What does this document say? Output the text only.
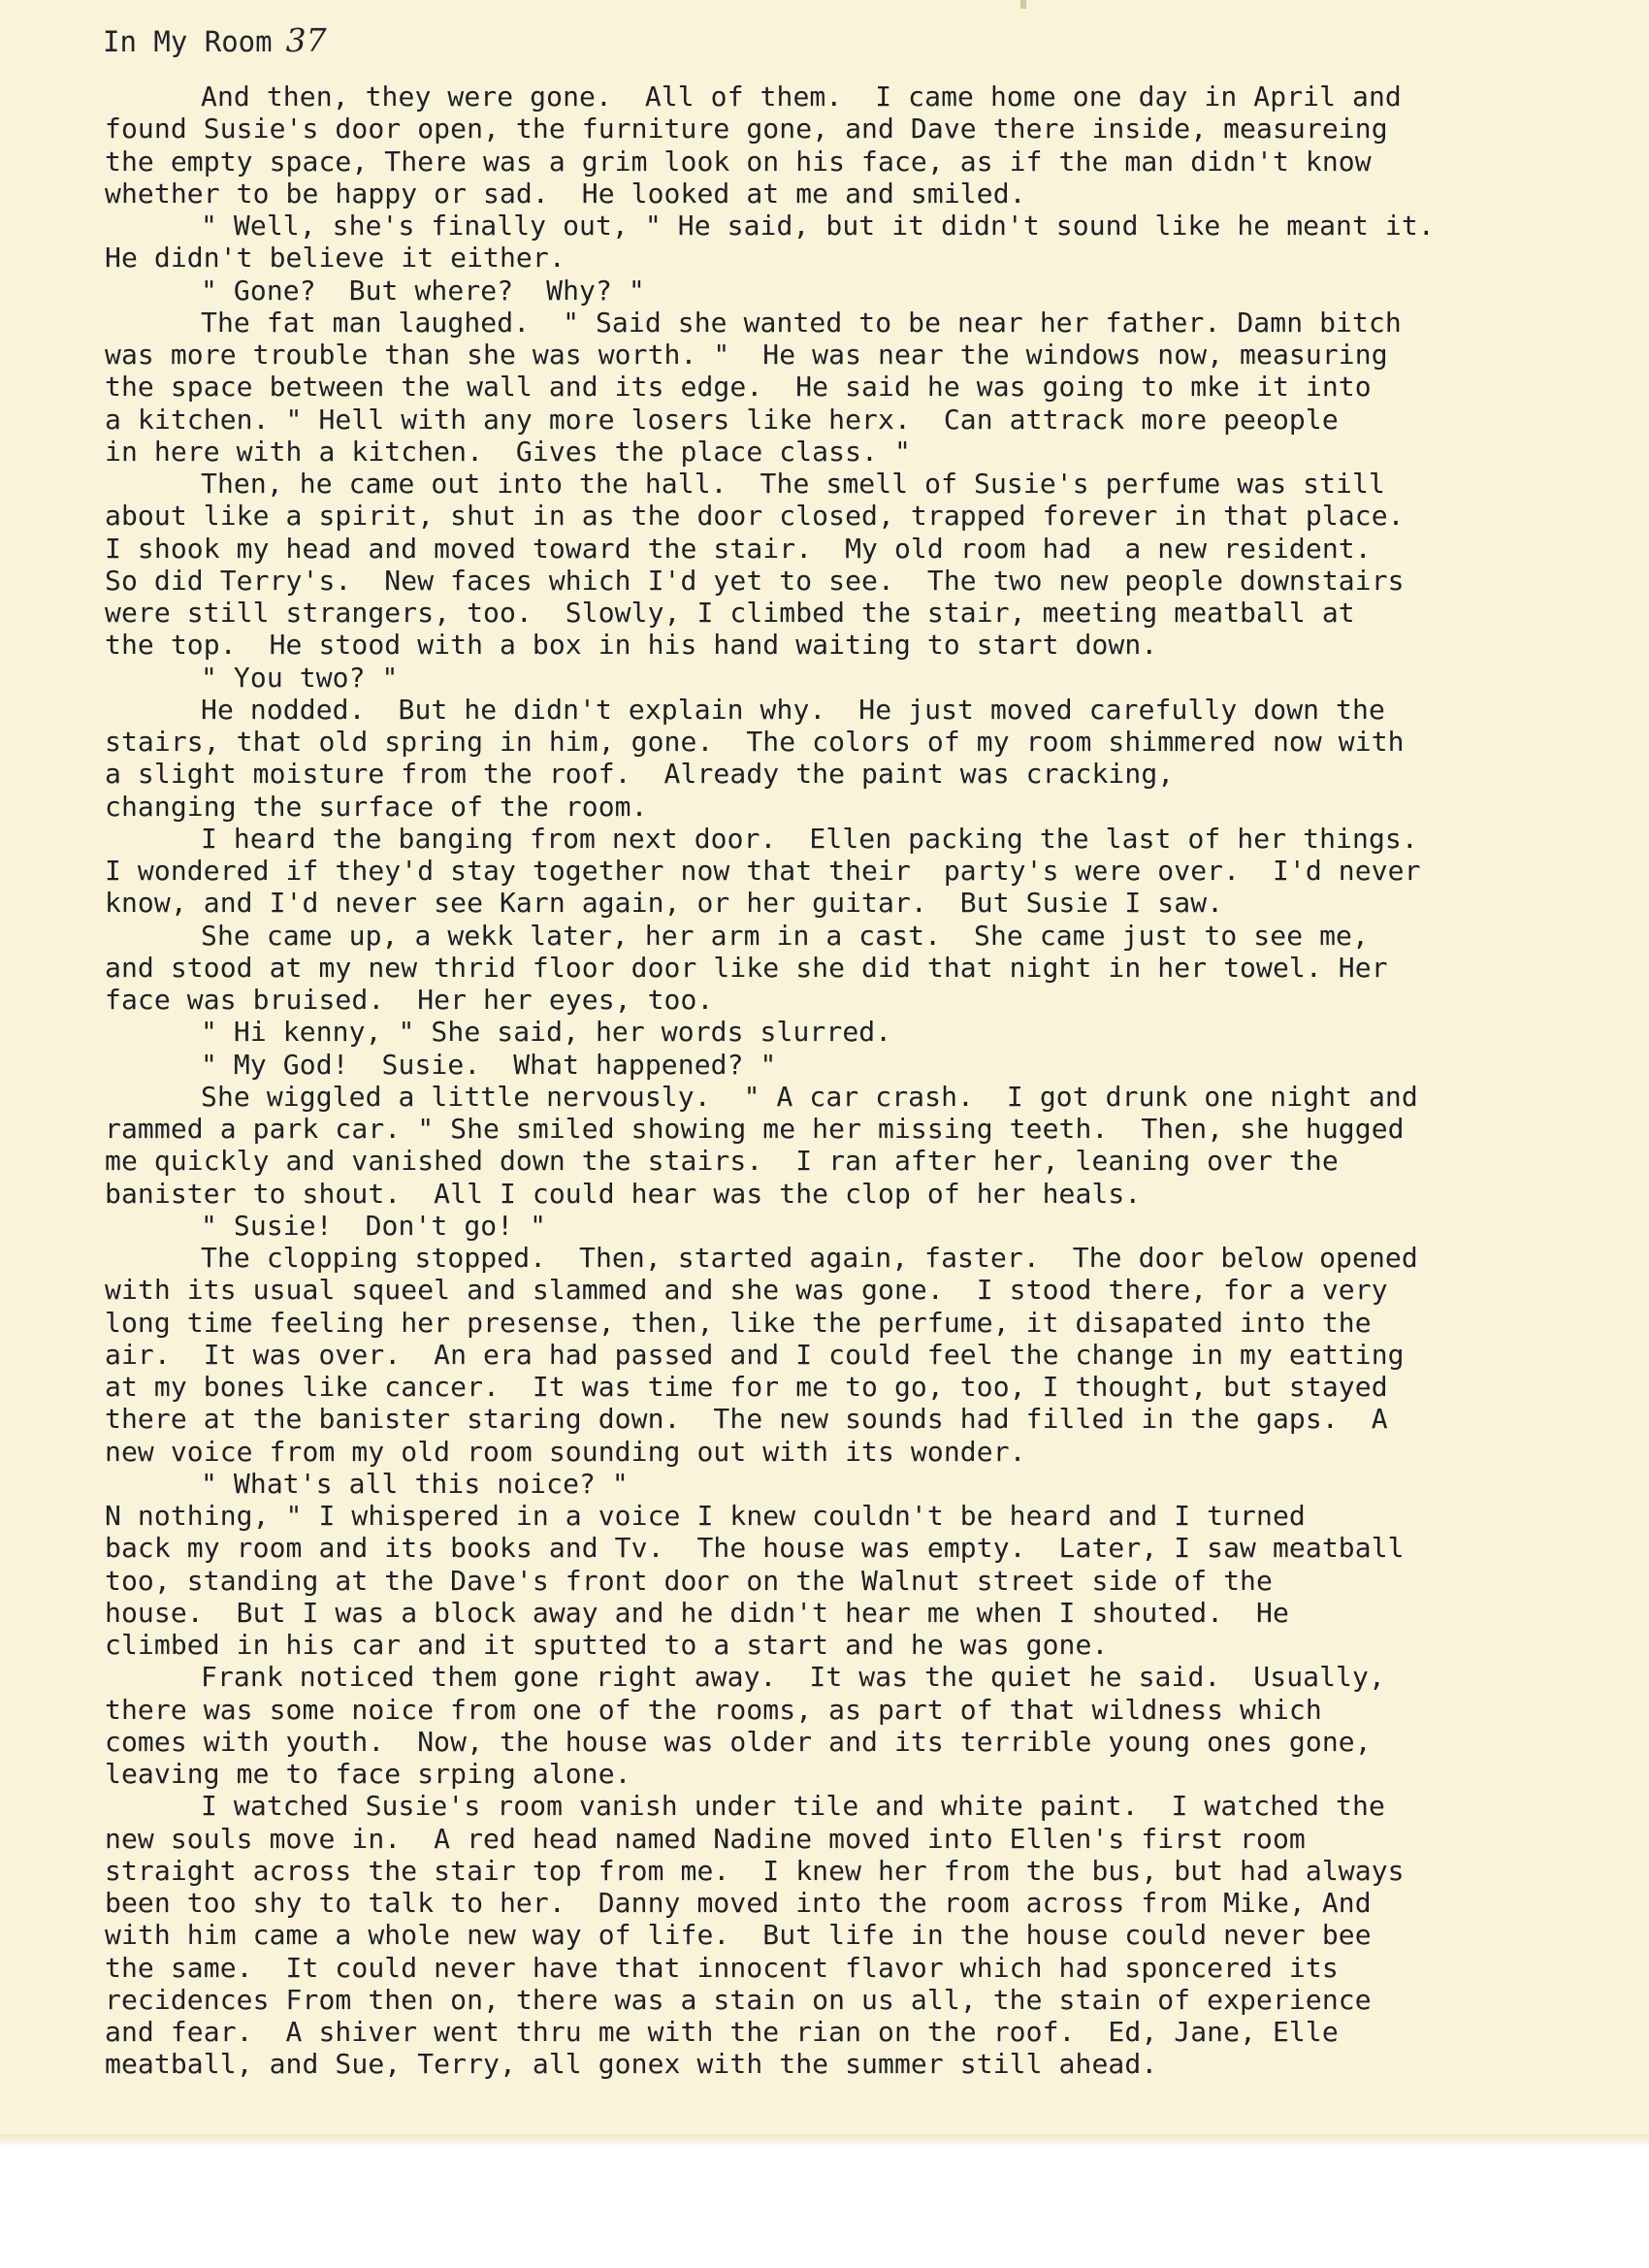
In My Room 37
And then, they were gone.  All of them.  I came home one day in April and
found Susie's door open, the furniture gone, and Dave there inside, measureing
the empty space, There was a grim look on his face, as if the man didn't know
whether to be happy or sad.  He looked at me and smiled.
" Well, she's finally out, " He said, but it didn't sound like he meant it.
He didn't believe it either.
" Gone?  But where?  Why? "
The fat man laughed.  " Said she wanted to be near her father. Damn bitch
was more trouble than she was worth. "  He was near the windows now, measuring
the space between the wall and its edge.  He said he was going to mke it into
a kitchen. " Hell with any more losers like herx.  Can attrack more peeople
in here with a kitchen.  Gives the place class. "
Then, he came out into the hall.  The smell of Susie's perfume was still
about like a spirit, shut in as the door closed, trapped forever in that place.
I shook my head and moved toward the stair.  My old room had  a new resident.
So did Terry's.  New faces which I'd yet to see.  The two new people downstairs
were still strangers, too.  Slowly, I climbed the stair, meeting meatball at
the top.  He stood with a box in his hand waiting to start down.
" You two? "
He nodded.  But he didn't explain why.  He just moved carefully down the
stairs, that old spring in him, gone.  The colors of my room shimmered now with
a slight moisture from the roof.  Already the paint was cracking,
changing the surface of the room.
I heard the banging from next door.  Ellen packing the last of her things.
I wondered if they'd stay together now that their  party's were over.  I'd never
know, and I'd never see Karn again, or her guitar.  But Susie I saw.
She came up, a wekk later, her arm in a cast.  She came just to see me,
and stood at my new thrid floor door like she did that night in her towel. Her
face was bruised.  Her her eyes, too.
" Hi kenny, " She said, her words slurred.
" My God!  Susie.  What happened? "
She wiggled a little nervously.  " A car crash.  I got drunk one night and
rammed a park car. " She smiled showing me her missing teeth.  Then, she hugged
me quickly and vanished down the stairs.  I ran after her, leaning over the
banister to shout.  All I could hear was the clop of her heals.
" Susie!  Don't go! "
The clopping stopped.  Then, started again, faster.  The door below opened
with its usual squeel and slammed and she was gone.  I stood there, for a very
long time feeling her presense, then, like the perfume, it disapated into the
air.  It was over.  An era had passed and I could feel the change in my eatting
at my bones like cancer.  It was time for me to go, too, I thought, but stayed
there at the banister staring down.  The new sounds had filled in the gaps.  A
new voice from my old room sounding out with its wonder.
" What's all this noice? "
N nothing, " I whispered in a voice I knew couldn't be heard and I turned
back my room and its books and Tv.  The house was empty.  Later, I saw meatball
too, standing at the Dave's front door on the Walnut street side of the
house.  But I was a block away and he didn't hear me when I shouted.  He
climbed in his car and it sputted to a start and he was gone.
Frank noticed them gone right away.  It was the quiet he said.  Usually,
there was some noice from one of the rooms, as part of that wildness which
comes with youth.  Now, the house was older and its terrible young ones gone,
leaving me to face srping alone.
I watched Susie's room vanish under tile and white paint.  I watched the
new souls move in.  A red head named Nadine moved into Ellen's first room
straight across the stair top from me.  I knew her from the bus, but had always
been too shy to talk to her.  Danny moved into the room across from Mike, And
with him came a whole new way of life.  But life in the house could never bee
the same.  It could never have that innocent flavor which had sponcered its
recidences From then on, there was a stain on us all, the stain of experience
and fear.  A shiver went thru me with the rian on the roof.  Ed, Jane, Elle
meatball, and Sue, Terry, all gonex with the summer still ahead.
